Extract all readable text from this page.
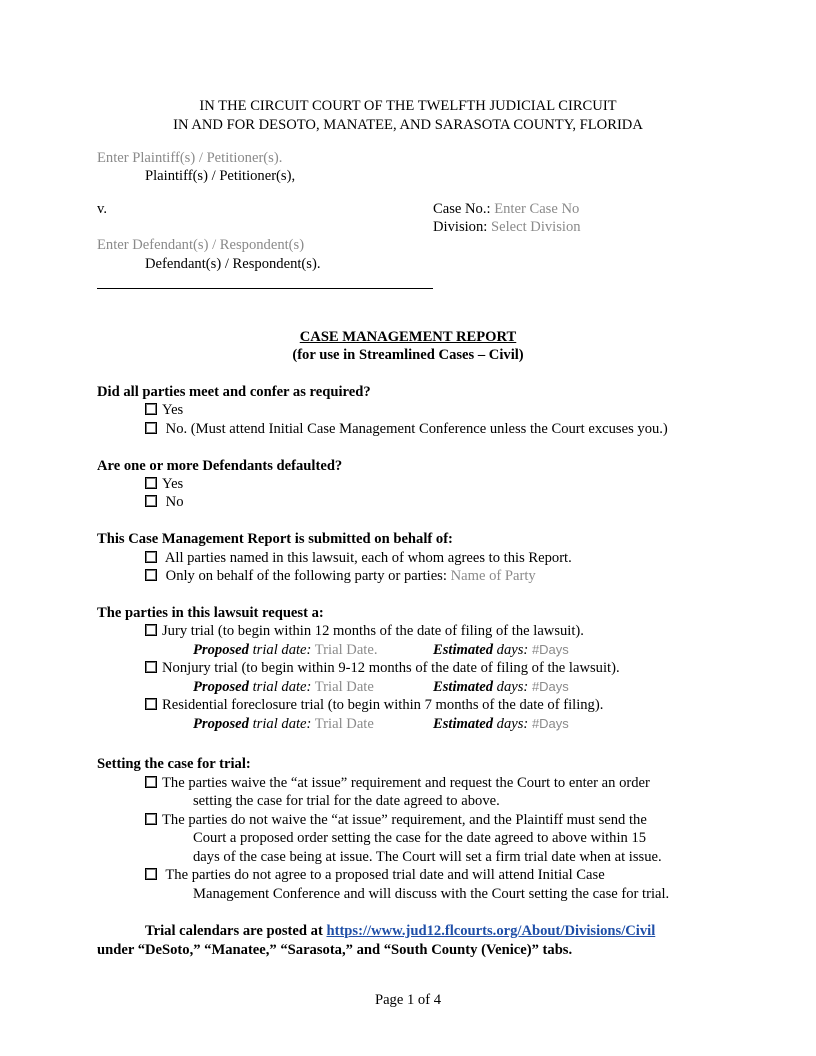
IN THE CIRCUIT COURT OF THE TWELFTH JUDICIAL CIRCUIT
IN AND FOR DESOTO, MANATEE, AND SARASOTA COUNTY, FLORIDA
Enter Plaintiff(s) / Petitioner(s).
Plaintiff(s) / Petitioner(s),
v.	Case No.: Enter Case No
Division: Select Division
Enter Defendant(s) / Respondent(s)
Defendant(s) / Respondent(s).
CASE MANAGEMENT REPORT
(for use in Streamlined Cases – Civil)
Did all parties meet and confer as required?
Yes
No. (Must attend Initial Case Management Conference unless the Court excuses you.)
Are one or more Defendants defaulted?
Yes
No
This Case Management Report is submitted on behalf of:
All parties named in this lawsuit, each of whom agrees to this Report.
Only on behalf of the following party or parties: Name of Party
The parties in this lawsuit request a:
Jury trial (to begin within 12 months of the date of filing of the lawsuit).
Proposed trial date: Trial Date.	Estimated days: #Days
Nonjury trial (to begin within 9-12 months of the date of filing of the lawsuit).
Proposed trial date: Trial Date	Estimated days: #Days
Residential foreclosure trial (to begin within 7 months of the date of filing).
Proposed trial date: Trial Date	Estimated days: #Days
Setting the case for trial:
The parties waive the “at issue” requirement and request the Court to enter an order
setting the case for trial for the date agreed to above.
The parties do not waive the “at issue” requirement, and the Plaintiff must send the
Court a proposed order setting the case for the date agreed to above within 15
days of the case being at issue. The Court will set a firm trial date when at issue.
The parties do not agree to a proposed trial date and will attend Initial Case
Management Conference and will discuss with the Court setting the case for trial.
Trial calendars are posted at https://www.jud12.flcourts.org/About/Divisions/Civil
under “DeSoto,” “Manatee,” “Sarasota,” and “South County (Venice)” tabs.
Page 1 of 4
